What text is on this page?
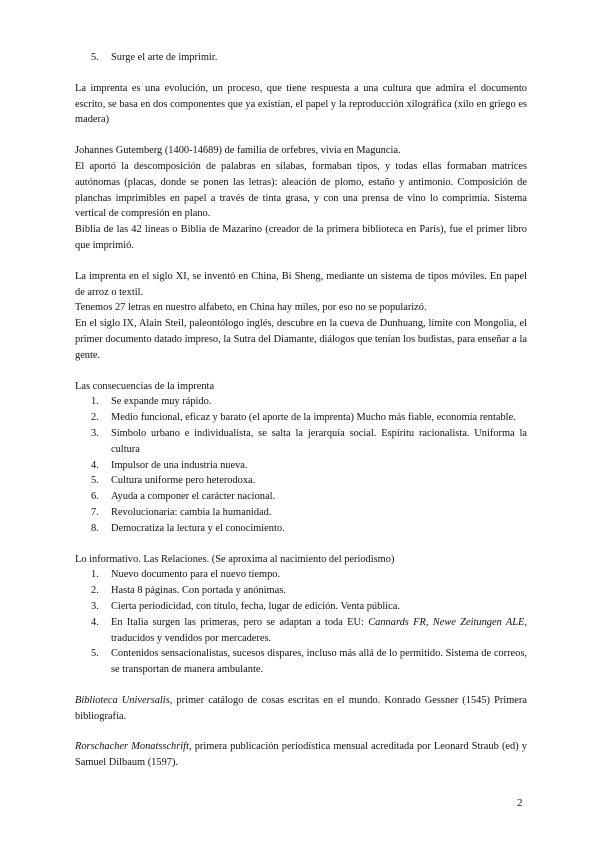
5. Surge el arte de imprimir.

La imprenta es una evolución, un proceso, que tiene respuesta a una cultura que admira el documento escrito, se basa en dos componentes que ya existían, el papel y la reproducción xilográfica (xilo en griego es madera)

Johannes Gutemberg (1400-14689) de familia de orfebres, vivía en Maguncia.

El aportó la descomposición de palabras en sílabas, formaban tipos, y todas ellas formaban matrices autónomas (placas, donde se ponen las letras): aleación de plomo, estaño y antimonio. Composición de planchas imprimibles en papel a través de tinta grasa, y con una prensa de vino lo comprimía. Sistema vertical de compresión en plano.

Biblia de las 42 líneas o Biblia de Mazarino (creador de la primera biblioteca en París), fue el primer libro que imprimió.

La imprenta en el siglo XI, se inventó en China, Bi Sheng, mediante un sistema de tipos móviles. En papel de arroz o textil.

Tenemos 27 letras en nuestro alfabeto, en China hay miles, por eso no se popularizó.

En el siglo IX, Alain Steil, paleontólogo inglés, descubre en la cueva de Dunhuang, límite con Mongolia, el primer documento datado impreso, la Sutra del Diamante, diálogos que tenían los budistas, para enseñar a la gente.

Las consecuencias de la imprenta

1. Se expande muy rápido.
2. Medio funcional, eficaz y barato (el aporte de la imprenta) Mucho más fiable, economía rentable.
3. Símbolo urbano e individualista, se salta la jerarquía social. Espíritu racionalista. Uniforma la cultura
4. Impulsor de una industria nueva.
5. Cultura uniforme pero heterodoxa.
6. Ayuda a componer el carácter nacional.
7. Revolucionaria: cambia la humanidad.
8. Democratiza la lectura y el conocimiento.

Lo informativo. Las Relaciones. (Se aproxima al nacimiento del periodismo)

1. Nuevo documento para el nuevo tiempo.
2. Hasta 8 páginas. Con portada y anónimas.
3. Cierta periodicidad, con título, fecha, lugar de edición. Venta pública.
4. En Italia surgen las primeras, pero se adaptan a toda EU: Cannards FR, Newe Zeitungen ALE, traducidos y vendidos por mercaderes.
5. Contenidos sensacionalistas, sucesos dispares, incluso más allá de lo permitido. Sistema de correos, se transportan de manera ambulante.

Biblioteca Universalis, primer catálogo de cosas escritas en el mundo. Konrado Gessner (1545) Primera bibliografía.

Rorschacher Monatsschrift, primera publicación periodística mensual acreditada por Leonard Straub (ed) y Samuel Dilbaum (1597).

2
